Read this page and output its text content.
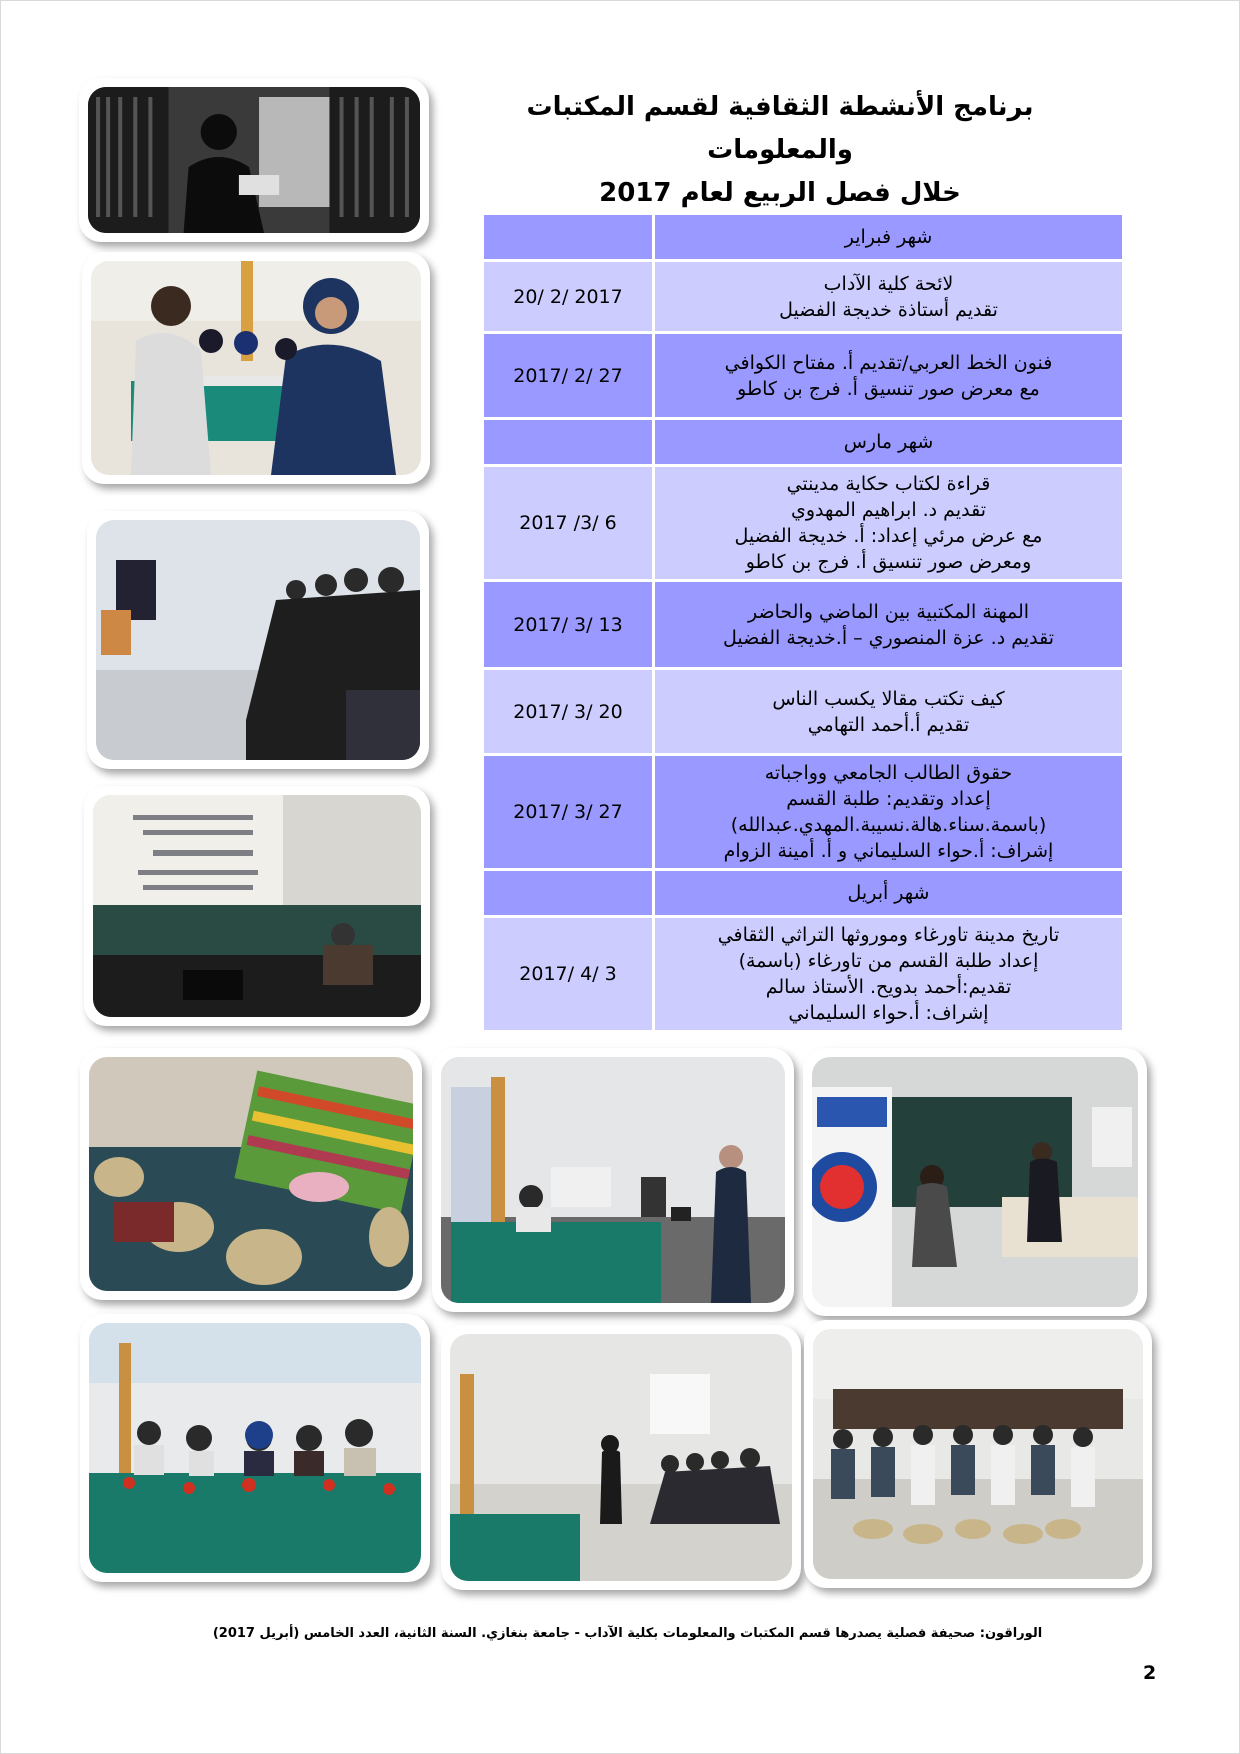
برنامج الأنشطة الثقافية لقسم المكتبات والمعلومات
خلال فصل الربيع لعام 2017
شهر فبراير	

لائحة كلية الآداب
تقديم أستاذة خديجة الفضيل	20/ 2/ 2017

فنون الخط العربي/تقديم أ. مفتاح الكوافي
مع معرض صور تنسيق أ. فرج بن كاطو	2017/ 2/ 27
شهر مارس	

قراءة لكتاب حكاية مدينتي
تقديم د. ابراهيم المهدوي
مع عرض مرئي إعداد: أ. خديجة الفضيل
ومعرض صور تنسيق أ. فرج بن كاطو	2017 /3/ 6

المهنة المكتبية بين الماضي والحاضر
تقديم د. عزة المنصوري – أ.خديجة الفضيل	2017/ 3/ 13

كيف تكتب مقالا يكسب الناس
تقديم أ.أحمد التهامي	2017/ 3/ 20

حقوق الطالب الجامعي وواجباته
إعداد وتقديم: طلبة القسم
(باسمة.سناء.هالة.نسيبة.المهدي.عبدالله)
إشراف: أ.حواء السليماني و أ. أمينة الزوام	2017/ 3/ 27
شهر أبريل	

تاريخ مدينة تاورغاء وموروثها التراثي الثقافي
إعداد طلبة القسم من تاورغاء (باسمة)
تقديم:أحمد بدويح. الأستاذ سالم
إشراف: أ.حواء السليماني	2017/ 4/ 3
الوراقون: صحيفة فصلية يصدرها قسم المكتبات والمعلومات بكلية الآداب - جامعة بنغازي. السنة الثانية، العدد الخامس (أبريل 2017)
2
